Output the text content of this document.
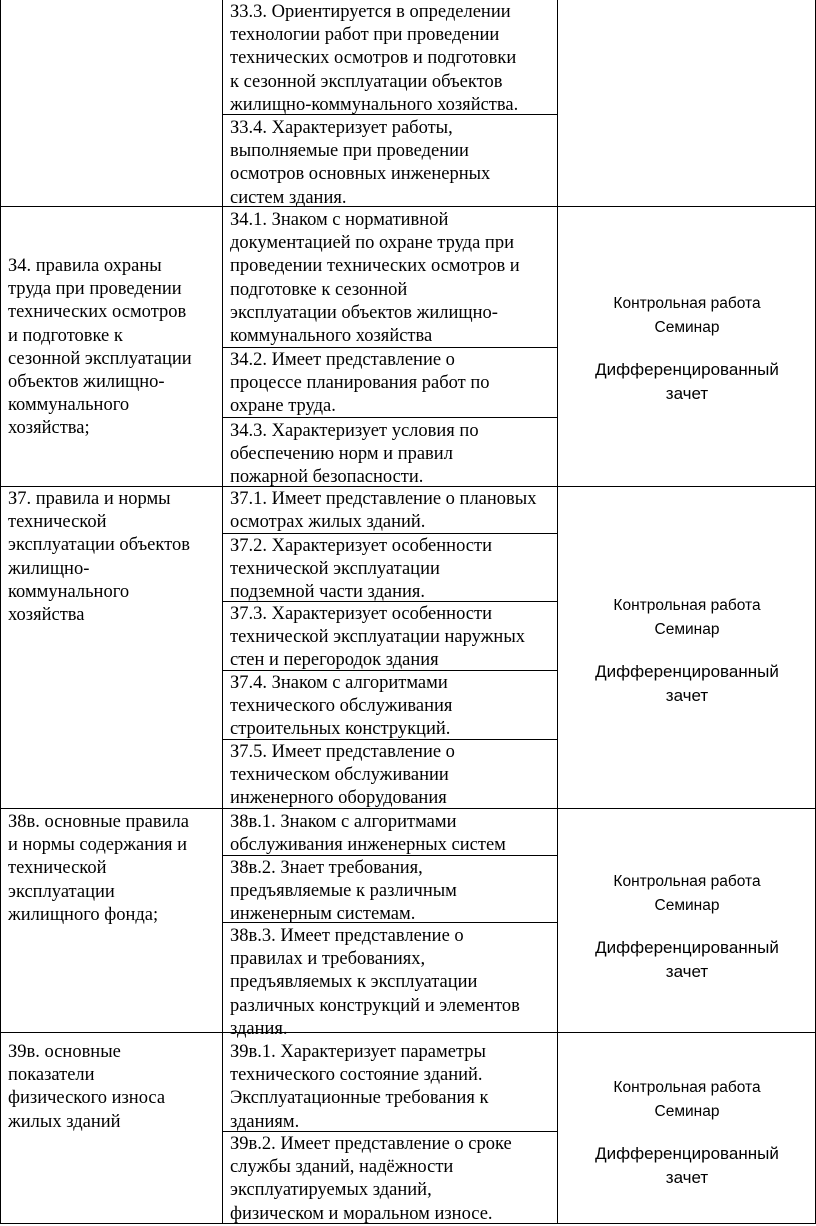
З3.3. Ориентируется в определении
технологии работ при проведении
технических осмотров и подготовки
к сезонной эксплуатации объектов
жилищно-коммунального хозяйства.
З3.4. Характеризует работы,
выполняемые при проведении
осмотров основных инженерных
систем здания.
З4. правила охраны
труда при проведении
технических осмотров
и подготовке к
сезонной эксплуатации
объектов жилищно-
коммунального
хозяйства;
З4.1. Знаком с нормативной
документацией по охране труда при
проведении технических осмотров и
подготовке к сезонной
эксплуатации объектов жилищно-
коммунального хозяйства
З4.2. Имеет представление о
процессе планирования работ по
охране труда.
З4.3. Характеризует условия по
обеспечению норм и правил
пожарной безопасности.
Контрольная работа
Семинар
Дифференцированный
зачет
З7. правила и нормы
технической
эксплуатации объектов
жилищно-
коммунального
хозяйства
З7.1. Имеет представление о плановых
осмотрах жилых зданий.
З7.2. Характеризует особенности
технической эксплуатации
подземной части здания.
З7.3. Характеризует особенности
технической эксплуатации наружных
стен и перегородок здания
З7.4. Знаком с алгоритмами
технического обслуживания
строительных конструкций.
З7.5. Имеет представление о
техническом обслуживании
инженерного оборудования
Контрольная работа
Семинар
Дифференцированный
зачет
З8в. основные правила
и нормы содержания и
технической
эксплуатации
жилищного фонда;
З8в.1. Знаком с алгоритмами
обслуживания инженерных систем
З8в.2. Знает требования,
предъявляемые к различным
инженерным системам.
З8в.3. Имеет представление о
правилах и требованиях,
предъявляемых к эксплуатации
различных конструкций и элементов
здания.
Контрольная работа
Семинар
Дифференцированный
зачет
З9в. основные
показатели
физического износа
жилых зданий
З9в.1. Характеризует параметры
технического состояние зданий.
Эксплуатационные требования к
зданиям.
З9в.2. Имеет представление о сроке
службы зданий, надёжности
эксплуатируемых зданий,
физическом и моральном износе.
Контрольная работа
Семинар
Дифференцированный
зачет
